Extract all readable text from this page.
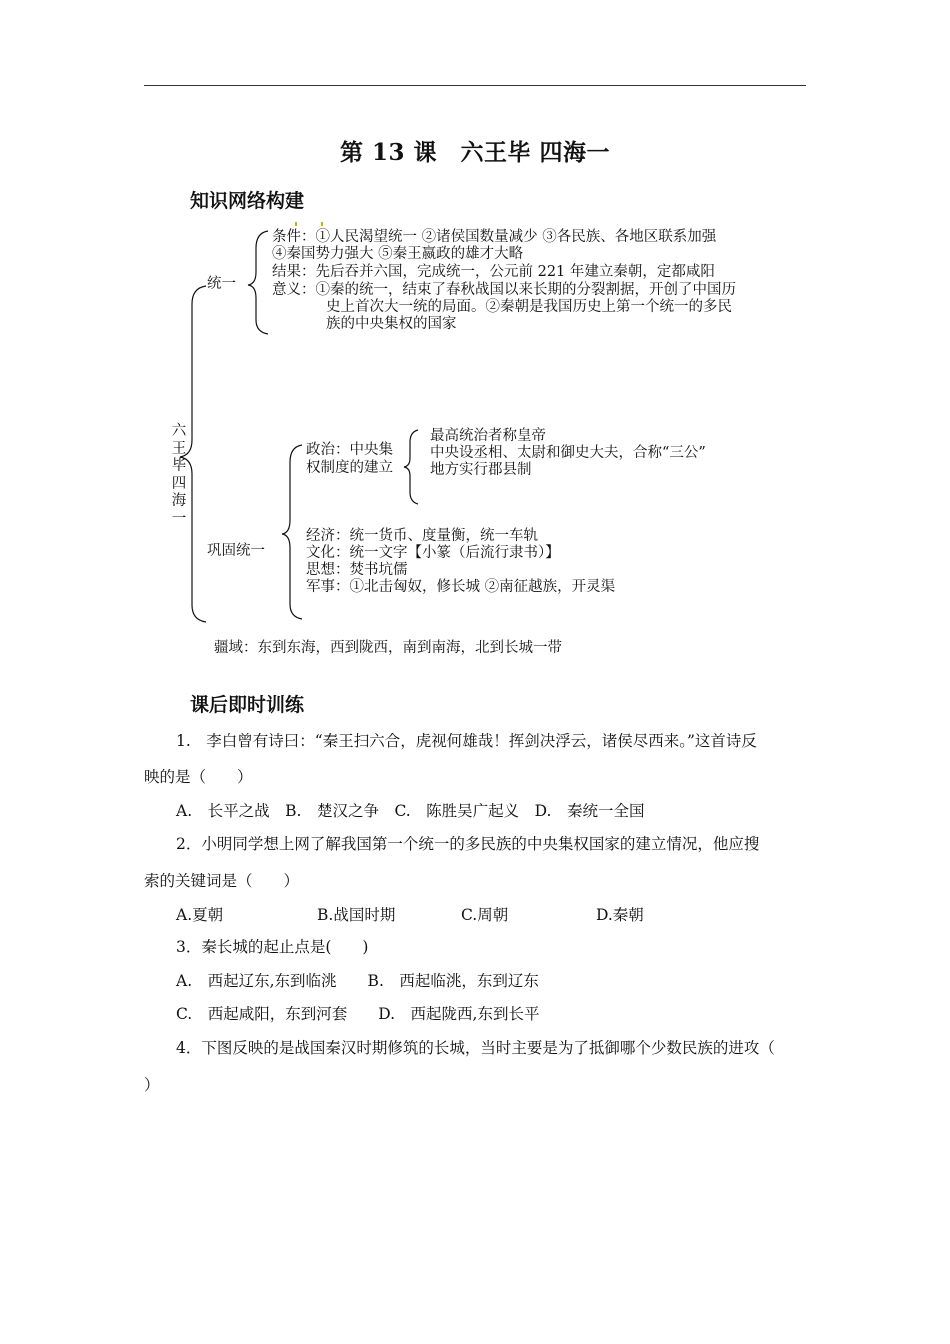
第 13 课　六王毕 四海一
知识网络构建
六王毕四海一
统一
条件：①人民渴望统一 ②诸侯国数量减少 ③各民族、各地区联系加强
④秦国势力强大 ⑤秦王嬴政的雄才大略
结果：先后吞并六国，完成统一，公元前 221 年建立秦朝，定都咸阳
意义：①秦的统一，结束了春秋战国以来长期的分裂割据，开创了中国历
史上首次大一统的局面。②秦朝是我国历史上第一个统一的多民
族的中央集权的国家
巩固统一
政治：中央集
权制度的建立
最高统治者称皇帝
中央设丞相、太尉和御史大夫，合称“三公”
地方实行郡县制
经济：统一货币、度量衡，统一车轨
文化：统一文字【小篆（后流行隶书）】
思想：焚书坑儒
军事：①北击匈奴，修长城 ②南征越族，开灵渠
疆域：东到东海，西到陇西，南到南海，北到长城一带
课后即时训练
1.　李白曾有诗曰：“秦王扫六合，虎视何雄哉！挥剑决浮云，诸侯尽西来。”这首诗反
映的是（　　）
A.　长平之战　B.　楚汉之争　C.　陈胜吴广起义　D.　秦统一全国
2．小明同学想上网了解我国第一个统一的多民族的中央集权国家的建立情况，他应搜
索的关键词是（　　）
A.夏朝	B.战国时期	C.周朝	D.秦朝
3．秦长城的起止点是(　　)
A.　西起辽东,东到临洮　　B.　西起临洮，东到辽东
C.　西起咸阳，东到河套　　D.　西起陇西,东到长平
4．下图反映的是战国秦汉时期修筑的长城，当时主要是为了抵御哪个少数民族的进攻（
）
